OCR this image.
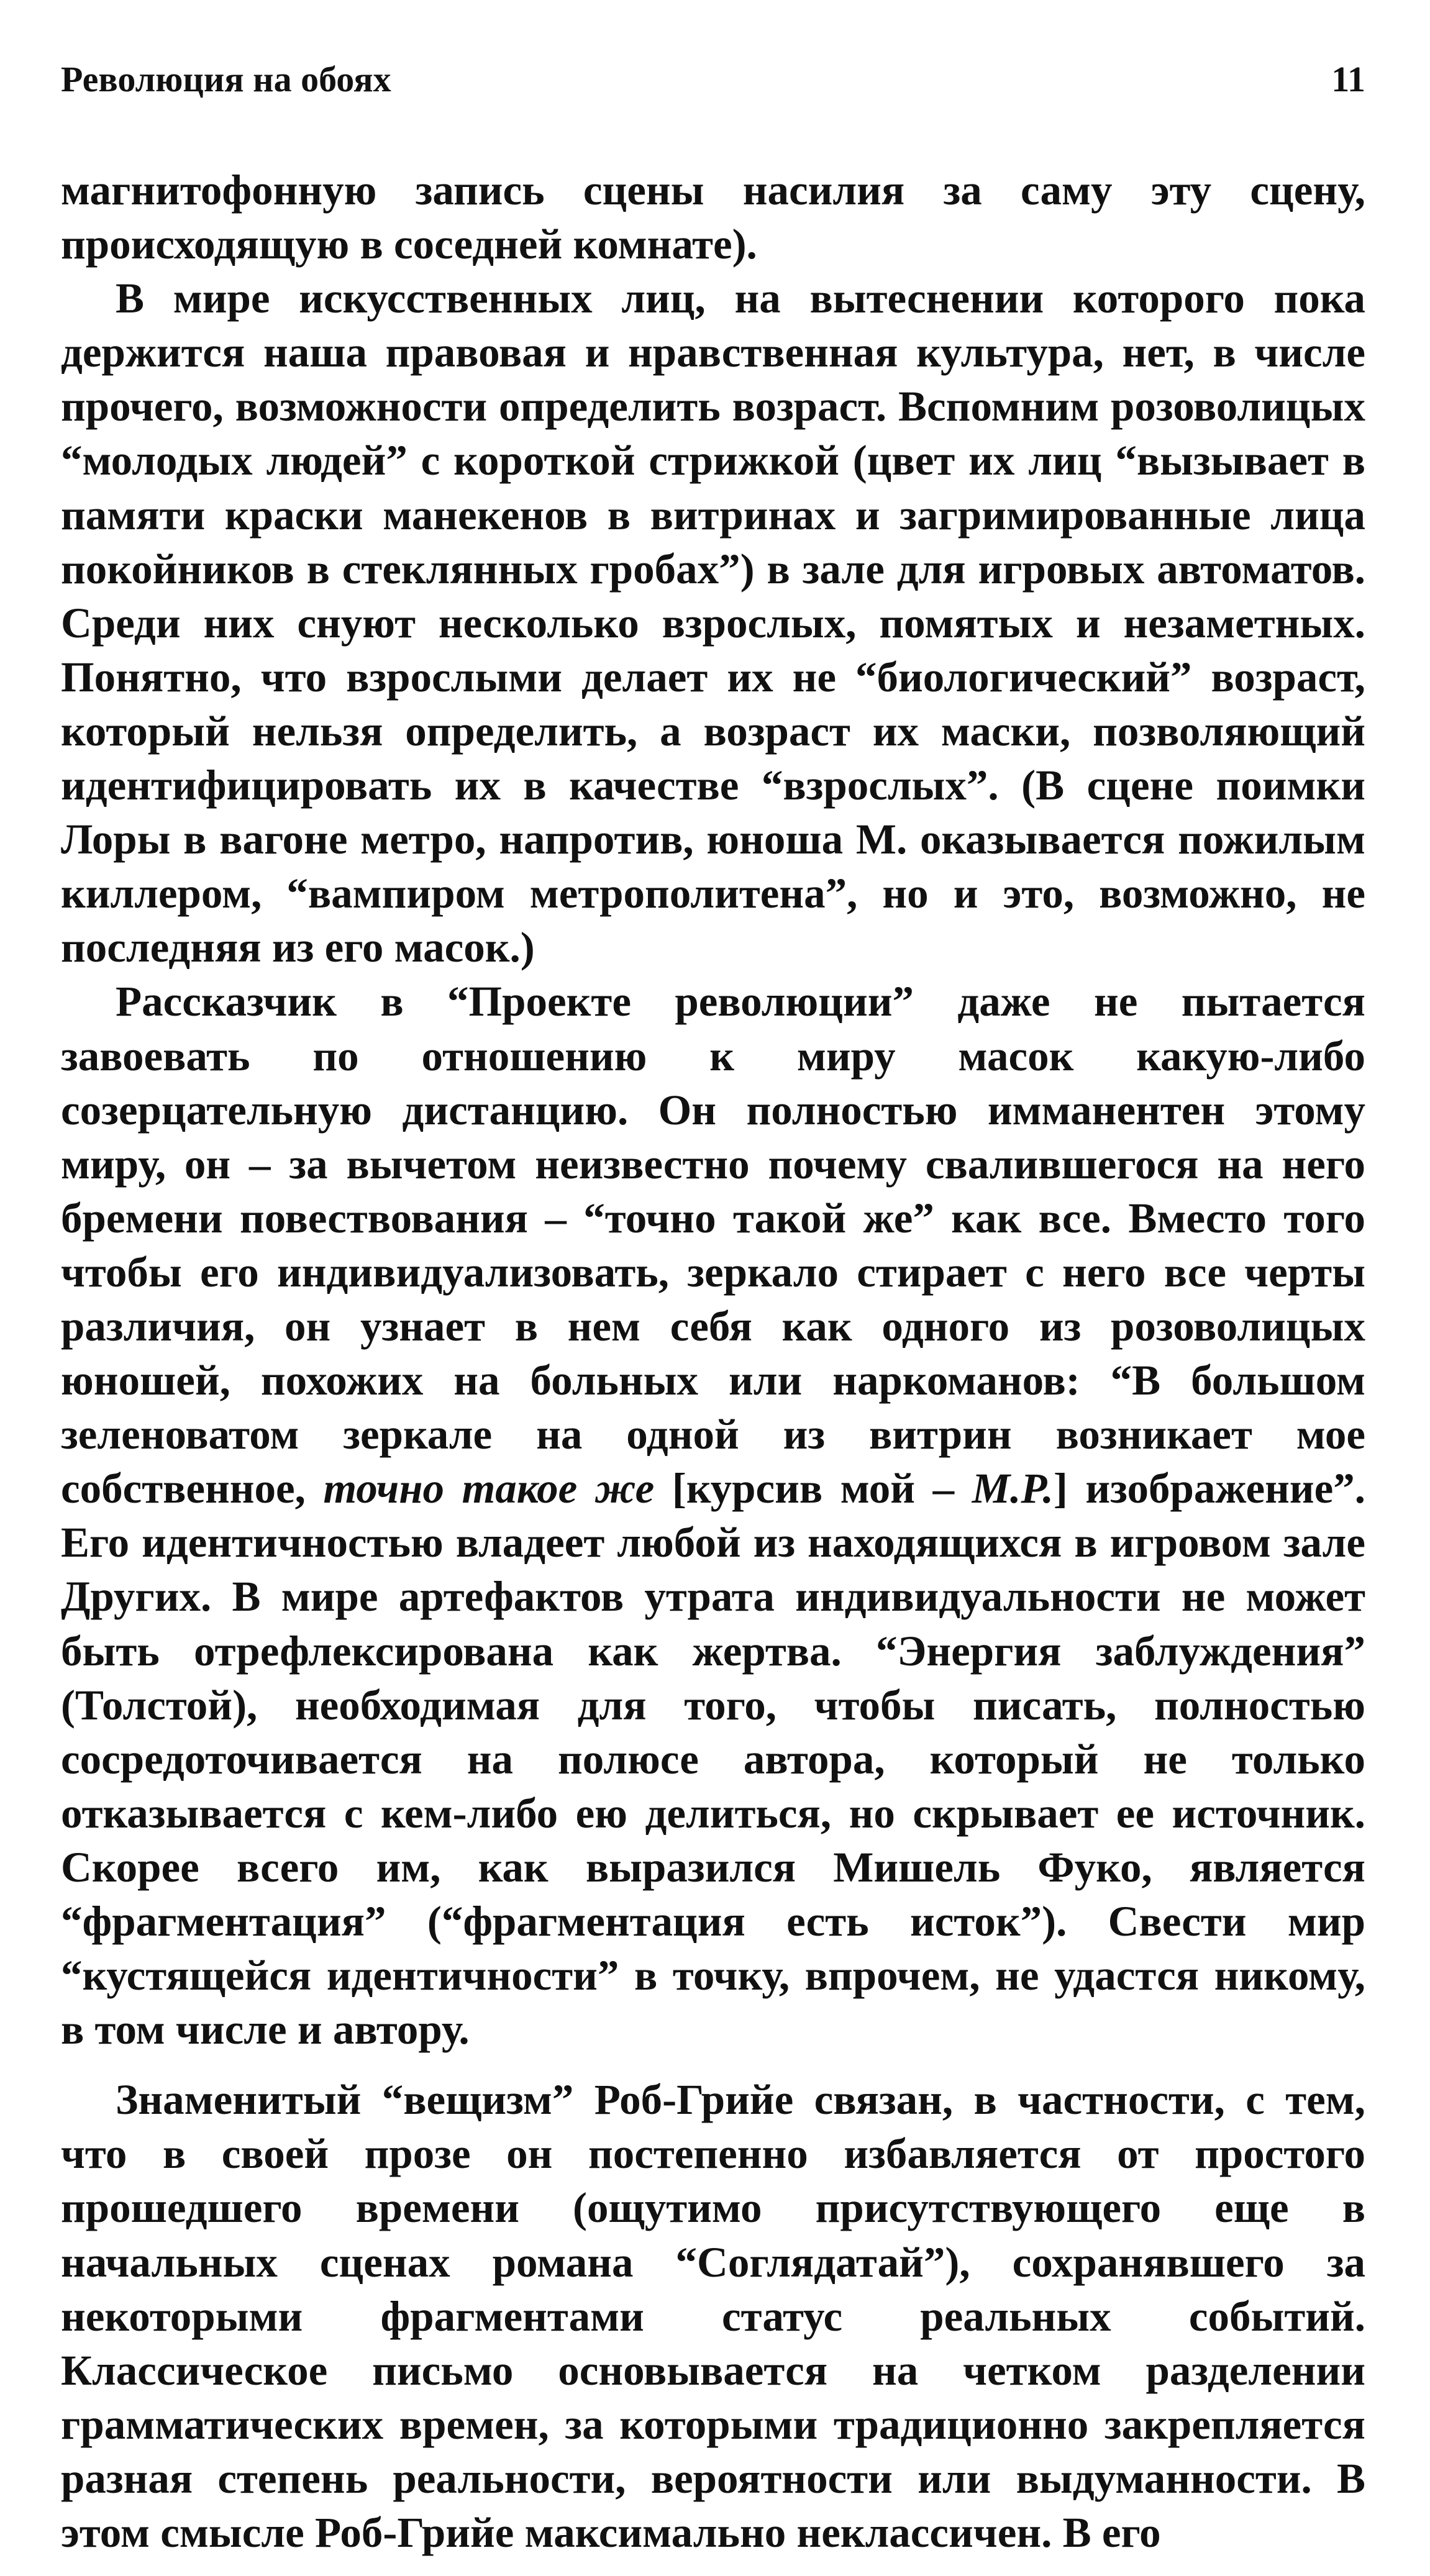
Революция на обоях	11

магнитофонную запись сцены насилия за саму эту сцену, происходящую в соседней комнате).

В мире искусственных лиц, на вытеснении которого пока держится наша правовая и нравственная культура, нет, в числе прочего, возможности определить возраст. Вспомним розоволицых “молодых людей” с короткой стрижкой (цвет их лиц “вызывает в памяти краски манекенов в витринах и загримированные лица покойников в стеклянных гробах”) в зале для игровых автоматов. Среди них снуют несколько взрослых, помятых и незаметных. Понятно, что взрослыми делает их не “биологический” возраст, который нельзя определить, а возраст их маски, позволяющий идентифицировать их в качестве “взрослых”. (В сцене поимки Лоры в вагоне метро, напротив, юноша М. оказывается пожилым киллером, “вампиром метрополитена”, но и это, возможно, не последняя из его масок.)

Рассказчик в “Проекте революции” даже не пытается завоевать по отношению к миру масок какую-либо созерцательную дистанцию. Он полностью имманентен этому миру, он – за вычетом неизвестно почему свалившегося на него бремени повествования – “точно такой же” как все. Вместо того чтобы его индивидуализовать, зеркало стирает с него все черты различия, он узнает в нем себя как одного из розоволицых юношей, похожих на больных или наркоманов: “В большом зеленоватом зеркале на одной из витрин возникает мое собственное, точно такое же [курсив мой – М.Р.] изображение”. Его идентичностью владеет любой из находящихся в игровом зале Других. В мире артефактов утрата индивидуальности не может быть отрефлексирована как жертва. “Энергия заблуждения” (Толстой), необходимая для того, чтобы писать, полностью сосредоточивается на полюсе автора, который не только отказывается с кем-либо ею делиться, но скрывает ее источник. Скорее всего им, как выразился Мишель Фуко, является “фрагментация” (“фрагментация есть исток”). Свести мир “кустящейся идентичности” в точку, впрочем, не удастся никому, в том числе и автору.

Знаменитый “вещизм” Роб-Грийе связан, в частности, с тем, что в своей прозе он постепенно избавляется от простого прошедшего времени (ощутимо присутствующего еще в начальных сценах романа “Соглядатай”), сохранявшего за некоторыми фрагментами статус реальных событий. Классическое письмо основывается на четком разделении грамматических времен, за которыми традиционно закрепляется разная степень реальности, вероятности или выдуманности. В этом смысле Роб-Грийе максимально неклассичен. В его
